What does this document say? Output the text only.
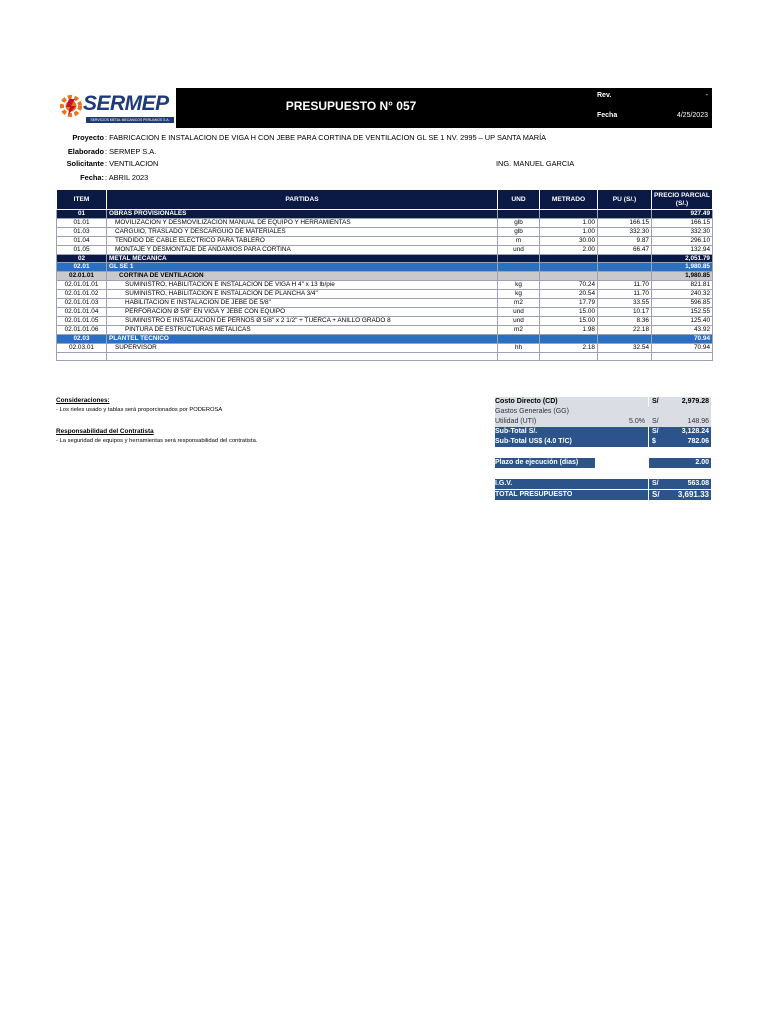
SERMEP
SERVICIOS METAL MECANICOS PERUANOS S.A.
PRESUPUESTO N° 057
Rev.	-
Fecha	4/25/2023
Proyecto : FABRICACION E INSTALACION DE VIGA H CON JEBE PARA CORTINA DE VENTILACION GL SE 1 NV. 2995 – UP SANTA MARÍA
Elaborado : SERMEP S.A.
Solicitante : VENTILACION	ING. MANUEL GARCIA
Fecha: : ABRIL 2023
ITEM	PARTIDAS	UND	METRADO	PU (S/.)	PRECIO PARCIAL (S/.)
01	OBRAS PROVISIONALES				927.49
01.01	MOVILIZACION Y DESMOVILIZACION MANUAL DE EQUIPO Y HERRAMIENTAS	glb	1.00	166.15	166.15
01.03	CARGUIO, TRASLADO Y DESCARGUIO DE MATERIALES	glb	1.00	332.30	332.30
01.04	TENDIDO DE CABLE ELECTRICO PARA TABLERO	m	30.00	9.87	296.10
01.05	MONTAJE Y DESMONTAJE DE ANDAMIOS PARA CORTINA	und	2.00	66.47	132.94
02	METAL MECANICA				2,051.79
02.01	GL SE 1				1,980.85
02.01.01	CORTINA DE VENTILACION				1,980.85
02.01.01.01	SUMINISTRO, HABILITACION E INSTALACION DE VIGA H 4" x 13 lb/pie	kg	70.24	11.70	821.81
02.01.01.02	SUMINISTRO, HABILITACION E INSTALACION DE PLANCHA 3/4"	kg	20.54	11.70	240.32
02.01.01.03	HABILITACION E INSTALACION DE JEBE DE 5/8"	m2	17.79	33.55	596.85
02.01.01.04	PERFORACION Ø 5/8" EN VIGA Y JEBE CON EQUIPO	und	15.00	10.17	152.55
02.01.01.05	SUMINISTRO E INSTALACION DE PERNOS Ø 5/8" x 2 1/2" + TUERCA + ANILLO GRADO 8	und	15.00	8.36	125.40
02.01.01.06	PINTURA DE ESTRUCTURAS METALICAS	m2	1.98	22.18	43.92
02.03	PLANTEL TECNICO				70.94
02.03.01	SUPERVISOR	hh	2.18	32.54	70.94

Consideraciones:
- Los rieles usado y tablas será proporcionados por PODEROSA
Responsabilidad del Contratista
- La seguridad de equipos y herramientas será responsabilidad del contratista.
Costo Directo (CD)	S/	2,979.28
Gastos Generales (GG)
Utilidad (UTI)	5.0% S/	148.96
Sub-Total S/.	S/	3,128.24
Sub-Total US$ (4.0 T/C)	$	782.06
Plazo de ejecución (dias)	2.00
I.G.V.	S/	563.08
TOTAL PRESUPUESTO	S/ 3,691.33
